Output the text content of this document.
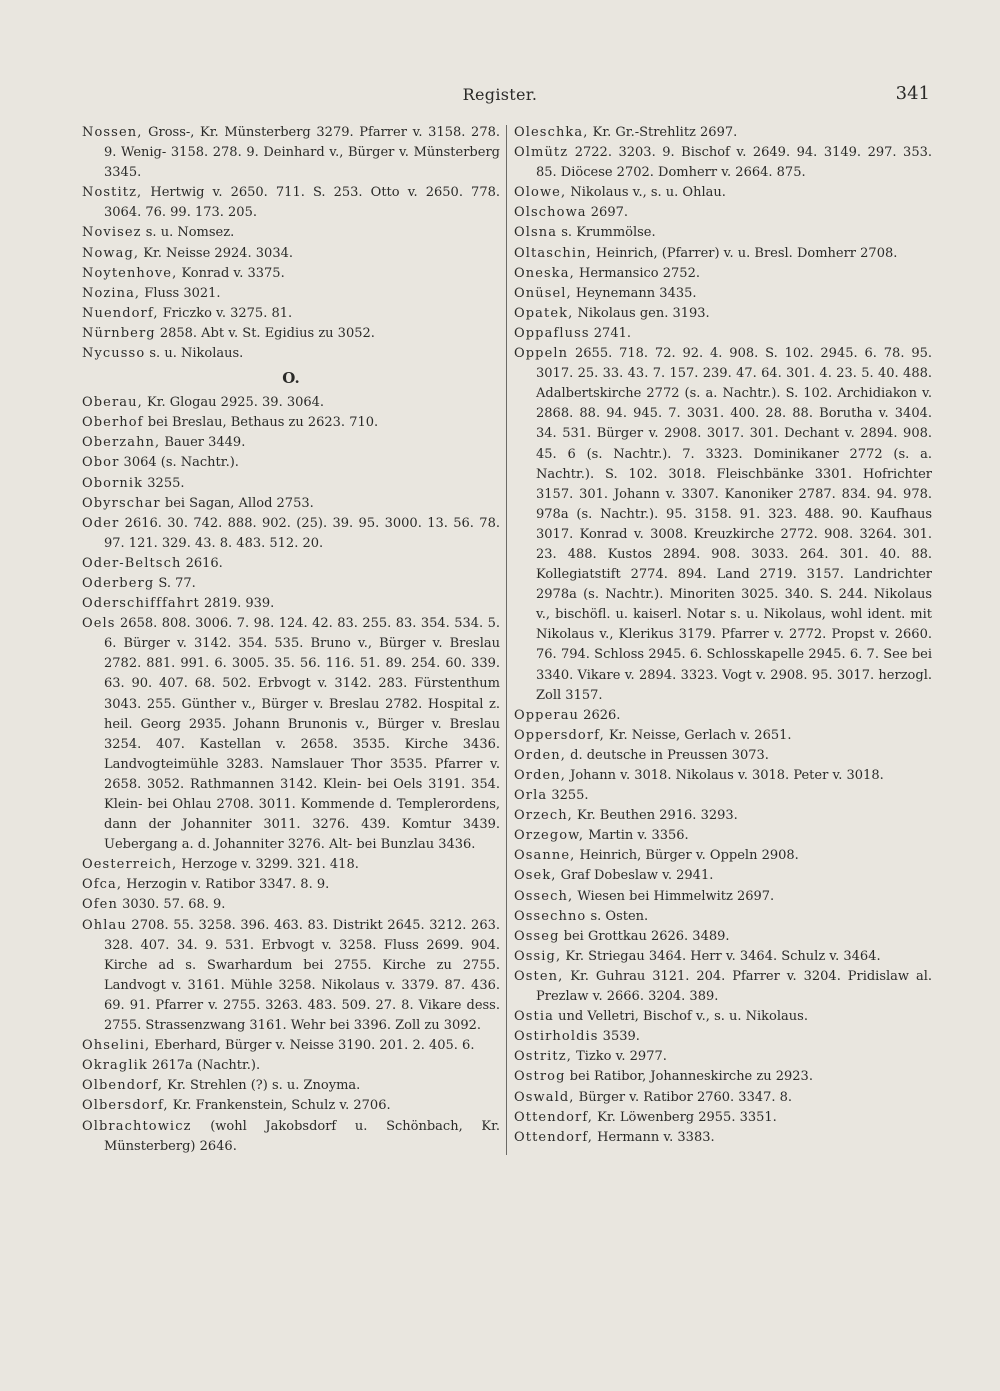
Register.	341

Nossen, Gross-, Kr. Münsterberg 3279. Pfarrer v. 3158. 278. 9. Wenig- 3158. 278. 9. Deinhard v., Bürger v. Münsterberg 3345.

Nostitz, Hertwig v. 2650. 711. S. 253. Otto v. 2650. 778. 3064. 76. 99. 173. 205.

Novisez s. u. Nomsez.

Nowag, Kr. Neisse 2924. 3034.

Noytenhove, Konrad v. 3375.

Nozina, Fluss 3021.

Nuendorf, Friczko v. 3275. 81.

Nürnberg 2858. Abt v. St. Egidius zu 3052.

Nycusso s. u. Nikolaus.

O.

Oberau, Kr. Glogau 2925. 39. 3064.

Oberhof bei Breslau, Bethaus zu 2623. 710.

Oberzahn, Bauer 3449.

Obor 3064 (s. Nachtr.).

Obornik 3255.

Obyrschar bei Sagan, Allod 2753.

Oder 2616. 30. 742. 888. 902. (25). 39. 95. 3000. 13. 56. 78. 97. 121. 329. 43. 8. 483. 512. 20.

Oder-Beltsch 2616.

Oderberg S. 77.

Oderschifffahrt 2819. 939.

Oels 2658. 808. 3006. 7. 98. 124. 42. 83. 255. 83. 354. 534. 5. 6. Bürger v. 3142. 354. 535. Bruno v., Bürger v. Breslau 2782. 881. 991. 6. 3005. 35. 56. 116. 51. 89. 254. 60. 339. 63. 90. 407. 68. 502. Erbvogt v. 3142. 283. Fürstenthum 3043. 255. Günther v., Bürger v. Breslau 2782. Hospital z. heil. Georg 2935. Johann Brunonis v., Bürger v. Breslau 3254. 407. Kastellan v. 2658. 3535. Kirche 3436. Landvogteimühle 3283. Namslauer Thor 3535. Pfarrer v. 2658. 3052. Rathmannen 3142. Klein- bei Oels 3191. 354. Klein- bei Ohlau 2708. 3011. Kommende d. Templerordens, dann der Johanniter 3011. 3276. 439. Komtur 3439. Uebergang a. d. Johanniter 3276. Alt- bei Bunzlau 3436.

Oesterreich, Herzoge v. 3299. 321. 418.

Ofca, Herzogin v. Ratibor 3347. 8. 9.

Ofen 3030. 57. 68. 9.

Ohlau 2708. 55. 3258. 396. 463. 83. Distrikt 2645. 3212. 263. 328. 407. 34. 9. 531. Erbvogt v. 3258. Fluss 2699. 904. Kirche ad s. Swarhardum bei 2755. Kirche zu 2755. Landvogt v. 3161. Mühle 3258. Nikolaus v. 3379. 87. 436. 69. 91. Pfarrer v. 2755. 3263. 483. 509. 27. 8. Vikare dess. 2755. Strassenzwang 3161. Wehr bei 3396. Zoll zu 3092.

Ohselini, Eberhard, Bürger v. Neisse 3190. 201. 2. 405. 6.

Okraglik 2617a (Nachtr.).

Olbendorf, Kr. Strehlen (?) s. u. Znoyma.

Olbersdorf, Kr. Frankenstein, Schulz v. 2706.

Olbrachtowicz (wohl Jakobsdorf u. Schönbach, Kr. Münsterberg) 2646.

Oleschka, Kr. Gr.-Strehlitz 2697.

Olmütz 2722. 3203. 9. Bischof v. 2649. 94. 3149. 297. 353. 85. Diöcese 2702. Domherr v. 2664. 875.

Olowe, Nikolaus v., s. u. Ohlau.

Olschowa 2697.

Olsna s. Krummölse.

Oltaschin, Heinrich, (Pfarrer) v. u. Bresl. Domherr 2708.

Oneska, Hermansico 2752.

Onüsel, Heynemann 3435.

Opatek, Nikolaus gen. 3193.

Oppafluss 2741.

Oppeln 2655. 718. 72. 92. 4. 908. S. 102. 2945. 6. 78. 95. 3017. 25. 33. 43. 7. 157. 239. 47. 64. 301. 4. 23. 5. 40. 488. Adalbertskirche 2772 (s. a. Nachtr.). S. 102. Archidiakon v. 2868. 88. 94. 945. 7. 3031. 400. 28. 88. Borutha v. 3404. 34. 531. Bürger v. 2908. 3017. 301. Dechant v. 2894. 908. 45. 6 (s. Nachtr.). 7. 3323. Dominikaner 2772 (s. a. Nachtr.). S. 102. 3018. Fleischbänke 3301. Hofrichter 3157. 301. Johann v. 3307. Kanoniker 2787. 834. 94. 978. 978a (s. Nachtr.). 95. 3158. 91. 323. 488. 90. Kaufhaus 3017. Konrad v. 3008. Kreuzkirche 2772. 908. 3264. 301. 23. 488. Kustos 2894. 908. 3033. 264. 301. 40. 88. Kollegiatstift 2774. 894. Land 2719. 3157. Landrichter 2978a (s. Nachtr.). Minoriten 3025. 340. S. 244. Nikolaus v., bischöfl. u. kaiserl. Notar s. u. Nikolaus, wohl ident. mit Nikolaus v., Klerikus 3179. Pfarrer v. 2772. Propst v. 2660. 76. 794. Schloss 2945. 6. Schlosskapelle 2945. 6. 7. See bei 3340. Vikare v. 2894. 3323. Vogt v. 2908. 95. 3017. herzogl. Zoll 3157.

Opperau 2626.

Oppersdorf, Kr. Neisse, Gerlach v. 2651.

Orden, d. deutsche in Preussen 3073.

Orden, Johann v. 3018. Nikolaus v. 3018. Peter v. 3018.

Orla 3255.

Orzech, Kr. Beuthen 2916. 3293.

Orzegow, Martin v. 3356.

Osanne, Heinrich, Bürger v. Oppeln 2908.

Osek, Graf Dobeslaw v. 2941.

Ossech, Wiesen bei Himmelwitz 2697.

Ossechno s. Osten.

Osseg bei Grottkau 2626. 3489.

Ossig, Kr. Striegau 3464. Herr v. 3464. Schulz v. 3464.

Osten, Kr. Guhrau 3121. 204. Pfarrer v. 3204. Pridislaw al. Prezlaw v. 2666. 3204. 389.

Ostia und Velletri, Bischof v., s. u. Nikolaus.

Ostirholdis 3539.

Ostritz, Tizko v. 2977.

Ostrog bei Ratibor, Johanneskirche zu 2923.

Oswald, Bürger v. Ratibor 2760. 3347. 8.

Ottendorf, Kr. Löwenberg 2955. 3351.

Ottendorf, Hermann v. 3383.
